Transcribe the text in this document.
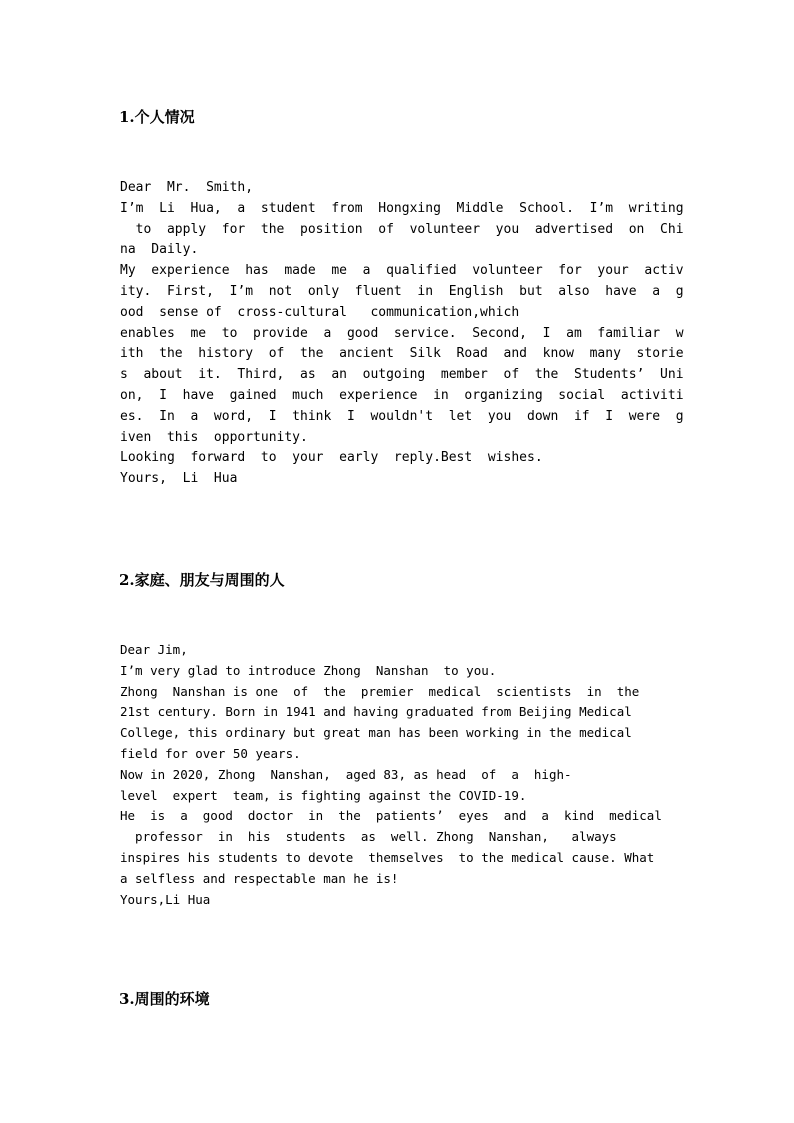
1.个人情况
Dear  Mr.  Smith,
I’m  Li  Hua,  a  student  from  Hongxing  Middle  School.  I’m  writing
to  apply  for  the  position  of  volunteer  you  advertised  on  Chi
na  Daily.
My  experience  has  made  me  a  qualified  volunteer  for  your  activ
ity.  First,  I’m  not  only  fluent  in  English  but  also  have  a  g
ood  sense of  cross-cultural   communication,which
enables  me  to  provide  a  good  service.  Second,  I  am  familiar  w
ith  the  history  of  the  ancient  Silk  Road  and  know  many  storie
s  about  it.  Third,  as  an  outgoing  member  of  the  Students’  Uni
on,  I  have  gained  much  experience  in  organizing  social  activiti
es.  In  a  word,  I  think  I  wouldn't  let  you  down  if  I  were  g
iven  this  opportunity.
Looking  forward  to  your  early  reply.Best  wishes.
Yours,  Li  Hua
2.家庭、朋友与周围的人
Dear Jim,
I’m very glad to introduce Zhong  Nanshan  to you.
Zhong  Nanshan is one  of  the  premier  medical  scientists  in  the
21st century. Born in 1941 and having graduated from Beijing Medical
College, this ordinary but great man has been working in the medical
field for over 50 years.
Now in 2020, Zhong  Nanshan,  aged 83, as head  of  a  high-
level  expert  team, is fighting against the COVID-19.
He  is  a  good  doctor  in  the  patients’  eyes  and  a  kind  medical
professor  in  his  students  as  well. Zhong  Nanshan,   always
inspires his students to devote  themselves  to the medical cause. What
a selfless and respectable man he is!
Yours,Li Hua
3.周围的环境
